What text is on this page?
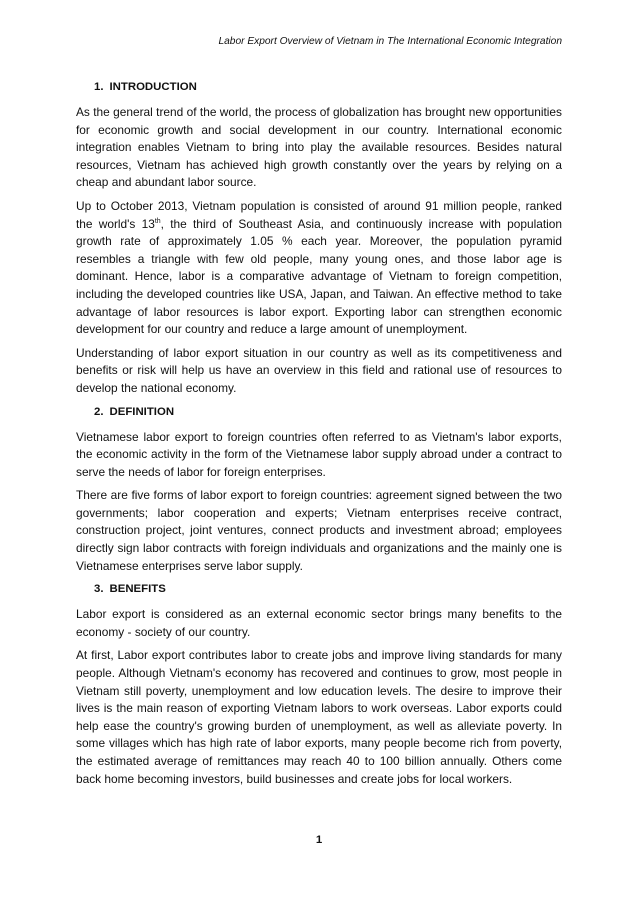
Labor Export Overview of Vietnam in The International Economic Integration
1. INTRODUCTION

As the general trend of the world, the process of globalization has brought new opportunities for economic growth and social development in our country. International economic integration enables Vietnam to bring into play the available resources. Besides natural resources, Vietnam has achieved high growth constantly over the years by relying on a cheap and abundant labor source.

Up to October 2013, Vietnam population is consisted of around 91 million people, ranked the world's 13th, the third of Southeast Asia, and continuously increase with population growth rate of approximately 1.05 % each year. Moreover, the population pyramid resembles a triangle with few old people, many young ones, and those labor age is dominant. Hence, labor is a comparative advantage of Vietnam to foreign competition, including the developed countries like USA, Japan, and Taiwan. An effective method to take advantage of labor resources is labor export. Exporting labor can strengthen economic development for our country and reduce a large amount of unemployment.

Understanding of labor export situation in our country as well as its competitiveness and benefits or risk will help us have an overview in this field and rational use of resources to develop the national economy.

2. DEFINITION

Vietnamese labor export to foreign countries often referred to as Vietnam's labor exports, the economic activity in the form of the Vietnamese labor supply abroad under a contract to serve the needs of labor for foreign enterprises.

There are five forms of labor export to foreign countries: agreement signed between the two governments; labor cooperation and experts; Vietnam enterprises receive contract, construction project, joint ventures, connect products and investment abroad; employees directly sign labor contracts with foreign individuals and organizations and the mainly one is Vietnamese enterprises serve labor supply.

3. BENEFITS

Labor export is considered as an external economic sector brings many benefits to the economy - society of our country.

At first, Labor export contributes labor to create jobs and improve living standards for many people. Although Vietnam's economy has recovered and continues to grow, most people in Vietnam still poverty, unemployment and low education levels. The desire to improve their lives is the main reason of exporting Vietnam labors to work overseas. Labor exports could help ease the country's growing burden of unemployment, as well as alleviate poverty. In some villages which has high rate of labor exports, many people become rich from poverty, the estimated average of remittances may reach 40 to 100 billion annually. Others come back home becoming investors, build businesses and create jobs for local workers.

1
